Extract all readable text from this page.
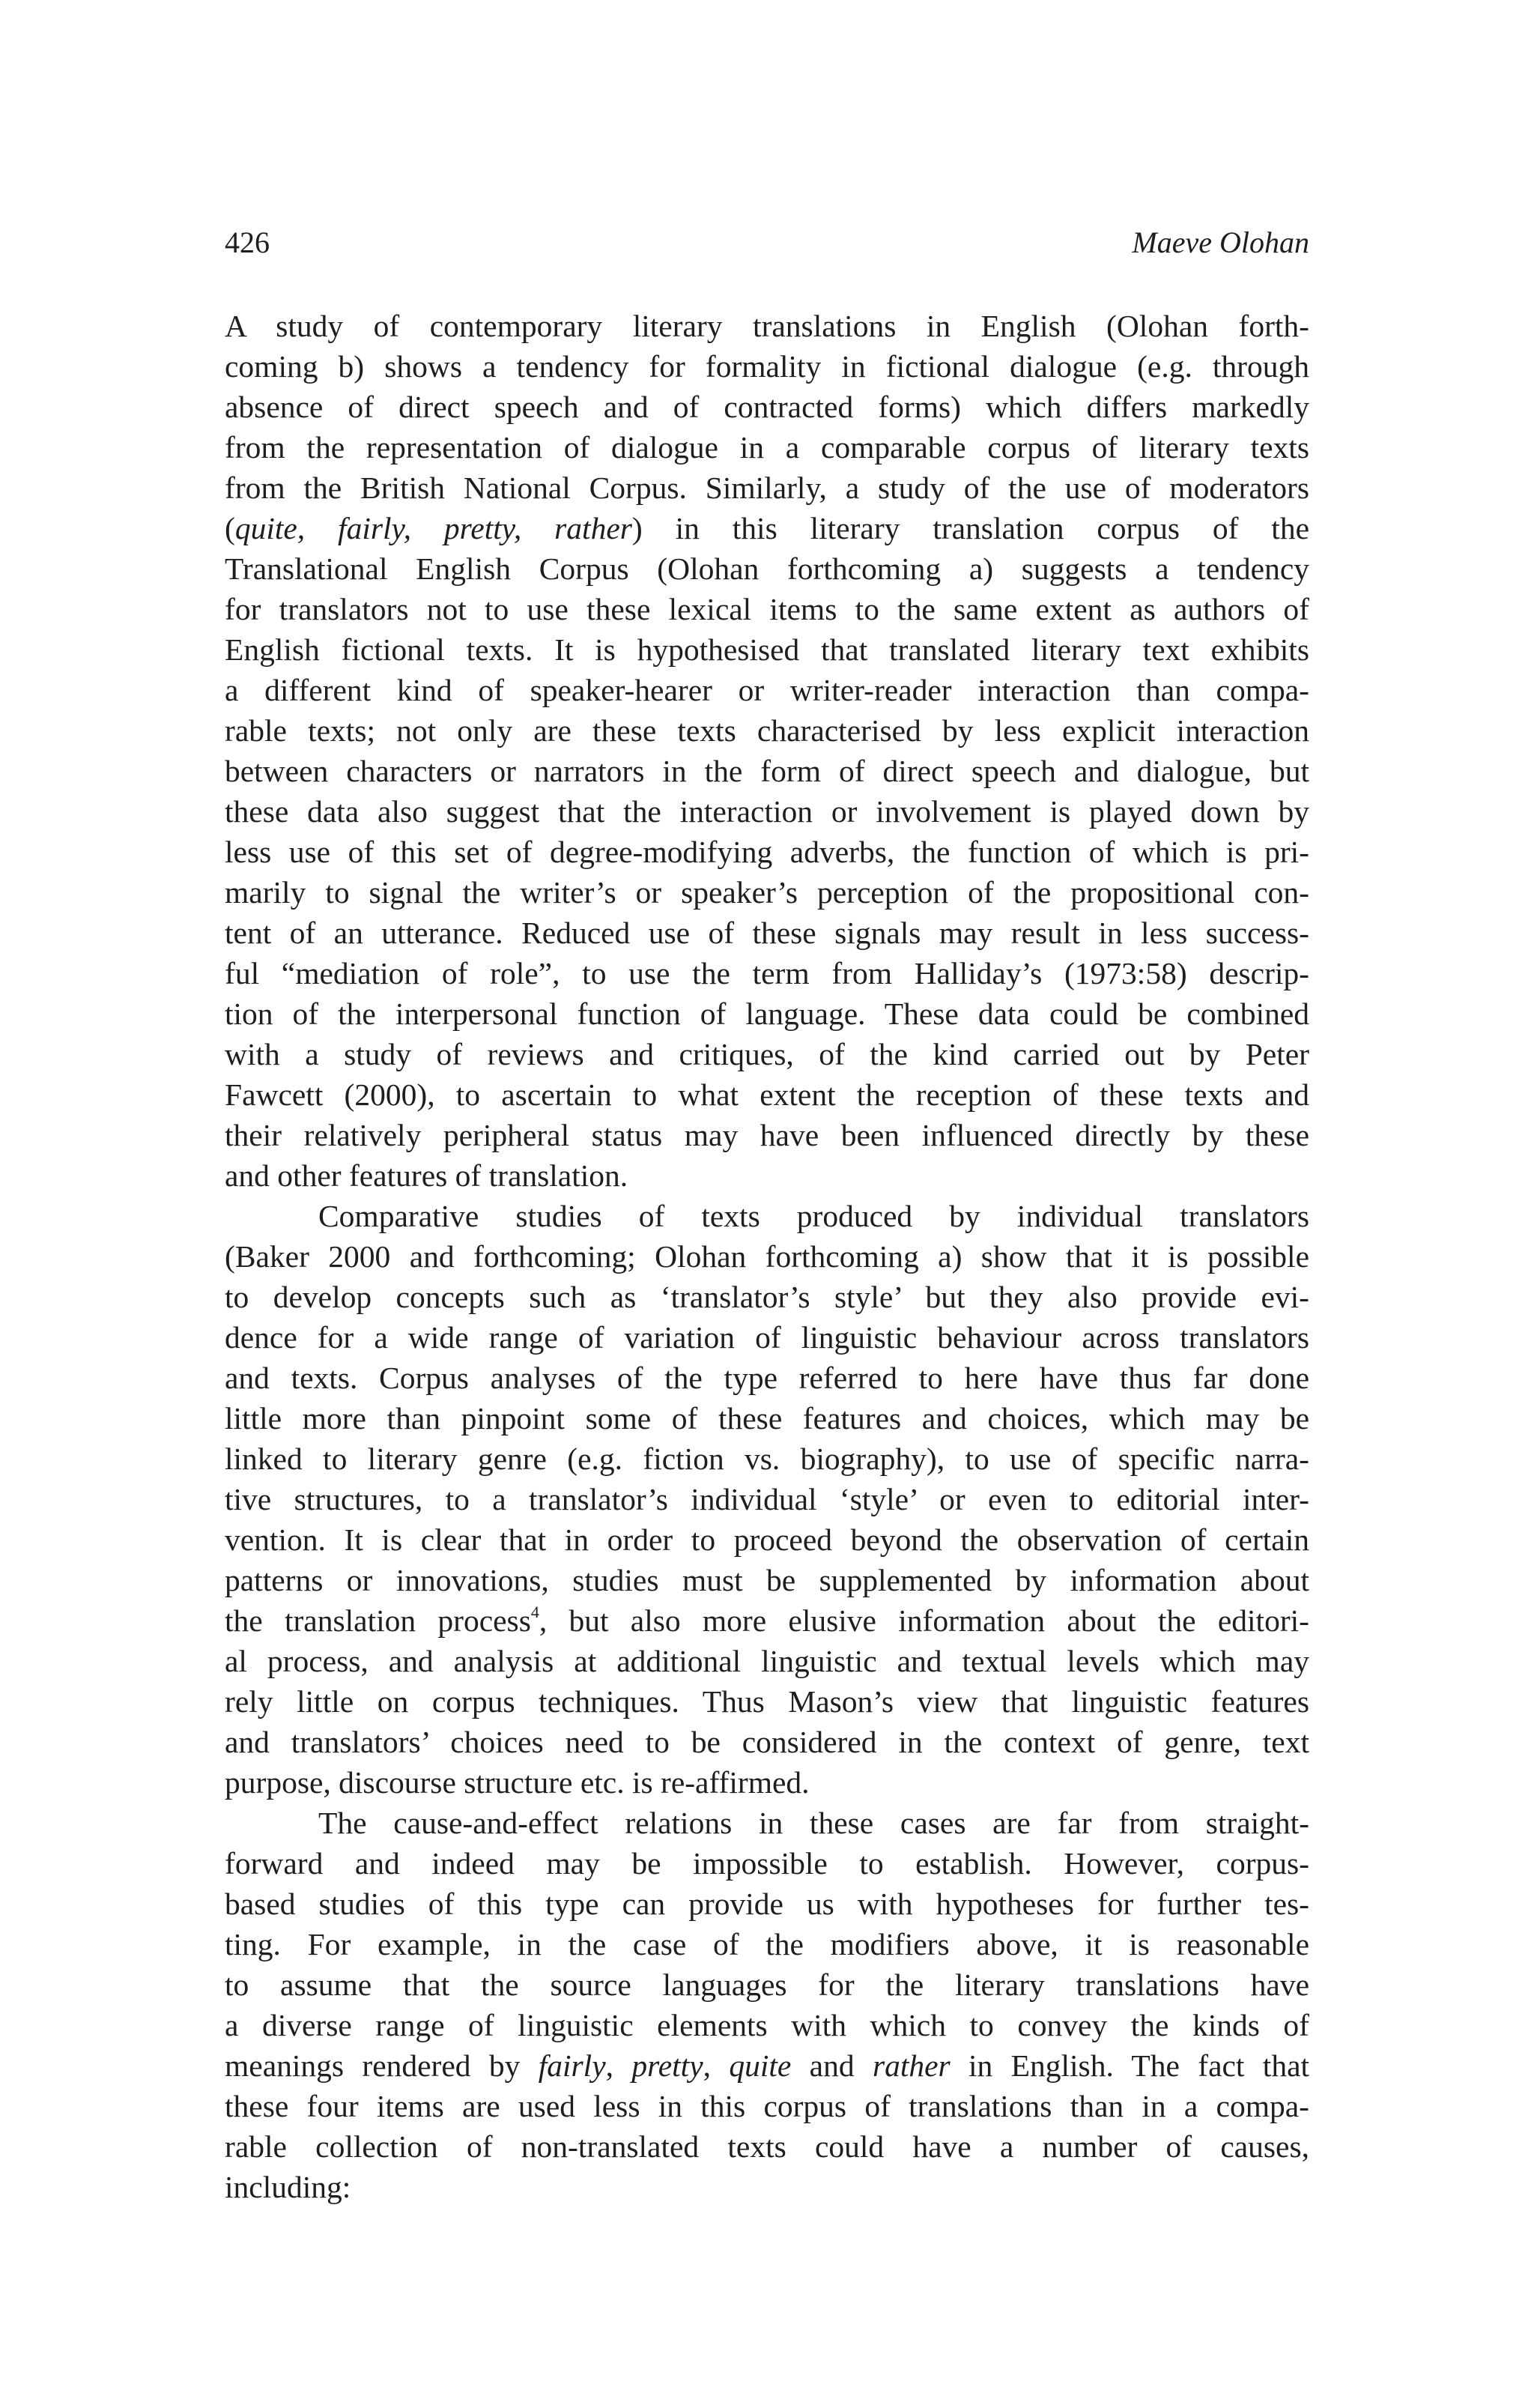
426	Maeve Olohan
A study of contemporary literary translations in English (Olohan forth-
coming b) shows a tendency for formality in fictional dialogue (e.g. through
absence of direct speech and of contracted forms) which differs markedly
from the representation of dialogue in a comparable corpus of literary texts
from the British National Corpus. Similarly, a study of the use of moderators
(quite, fairly, pretty, rather) in this literary translation corpus of the
Translational English Corpus (Olohan forthcoming a) suggests a tendency
for translators not to use these lexical items to the same extent as authors of
English fictional texts. It is hypothesised that translated literary text exhibits
a different kind of speaker-hearer or writer-reader interaction than compa-
rable texts; not only are these texts characterised by less explicit interaction
between characters or narrators in the form of direct speech and dialogue, but
these data also suggest that the interaction or involvement is played down by
less use of this set of degree-modifying adverbs, the function of which is pri-
marily to signal the writer’s or speaker’s perception of the propositional con-
tent of an utterance. Reduced use of these signals may result in less success-
ful “mediation of role”, to use the term from Halliday’s (1973:58) descrip-
tion of the interpersonal function of language. These data could be combined
with a study of reviews and critiques, of the kind carried out by Peter
Fawcett (2000), to ascertain to what extent the reception of these texts and
their relatively peripheral status may have been influenced directly by these
and other features of translation.
Comparative studies of texts produced by individual translators
(Baker 2000 and forthcoming; Olohan forthcoming a) show that it is possible
to develop concepts such as ‘translator’s style’ but they also provide evi-
dence for a wide range of variation of linguistic behaviour across translators
and texts. Corpus analyses of the type referred to here have thus far done
little more than pinpoint some of these features and choices, which may be
linked to literary genre (e.g. fiction vs. biography), to use of specific narra-
tive structures, to a translator’s individual ‘style’ or even to editorial inter-
vention. It is clear that in order to proceed beyond the observation of certain
patterns or innovations, studies must be supplemented by information about
the translation process$^4$, but also more elusive information about the editori-
al process, and analysis at additional linguistic and textual levels which may
rely little on corpus techniques. Thus Mason’s view that linguistic features
and translators’ choices need to be considered in the context of genre, text
purpose, discourse structure etc. is re-affirmed.
The cause-and-effect relations in these cases are far from straight-
forward and indeed may be impossible to establish. However, corpus-
based studies of this type can provide us with hypotheses for further tes-
ting. For example, in the case of the modifiers above, it is reasonable
to assume that the source languages for the literary translations have
a diverse range of linguistic elements with which to convey the kinds of
meanings rendered by fairly, pretty, quite and rather in English. The fact that
these four items are used less in this corpus of translations than in a compa-
rable collection of non-translated texts could have a number of causes,
including:
